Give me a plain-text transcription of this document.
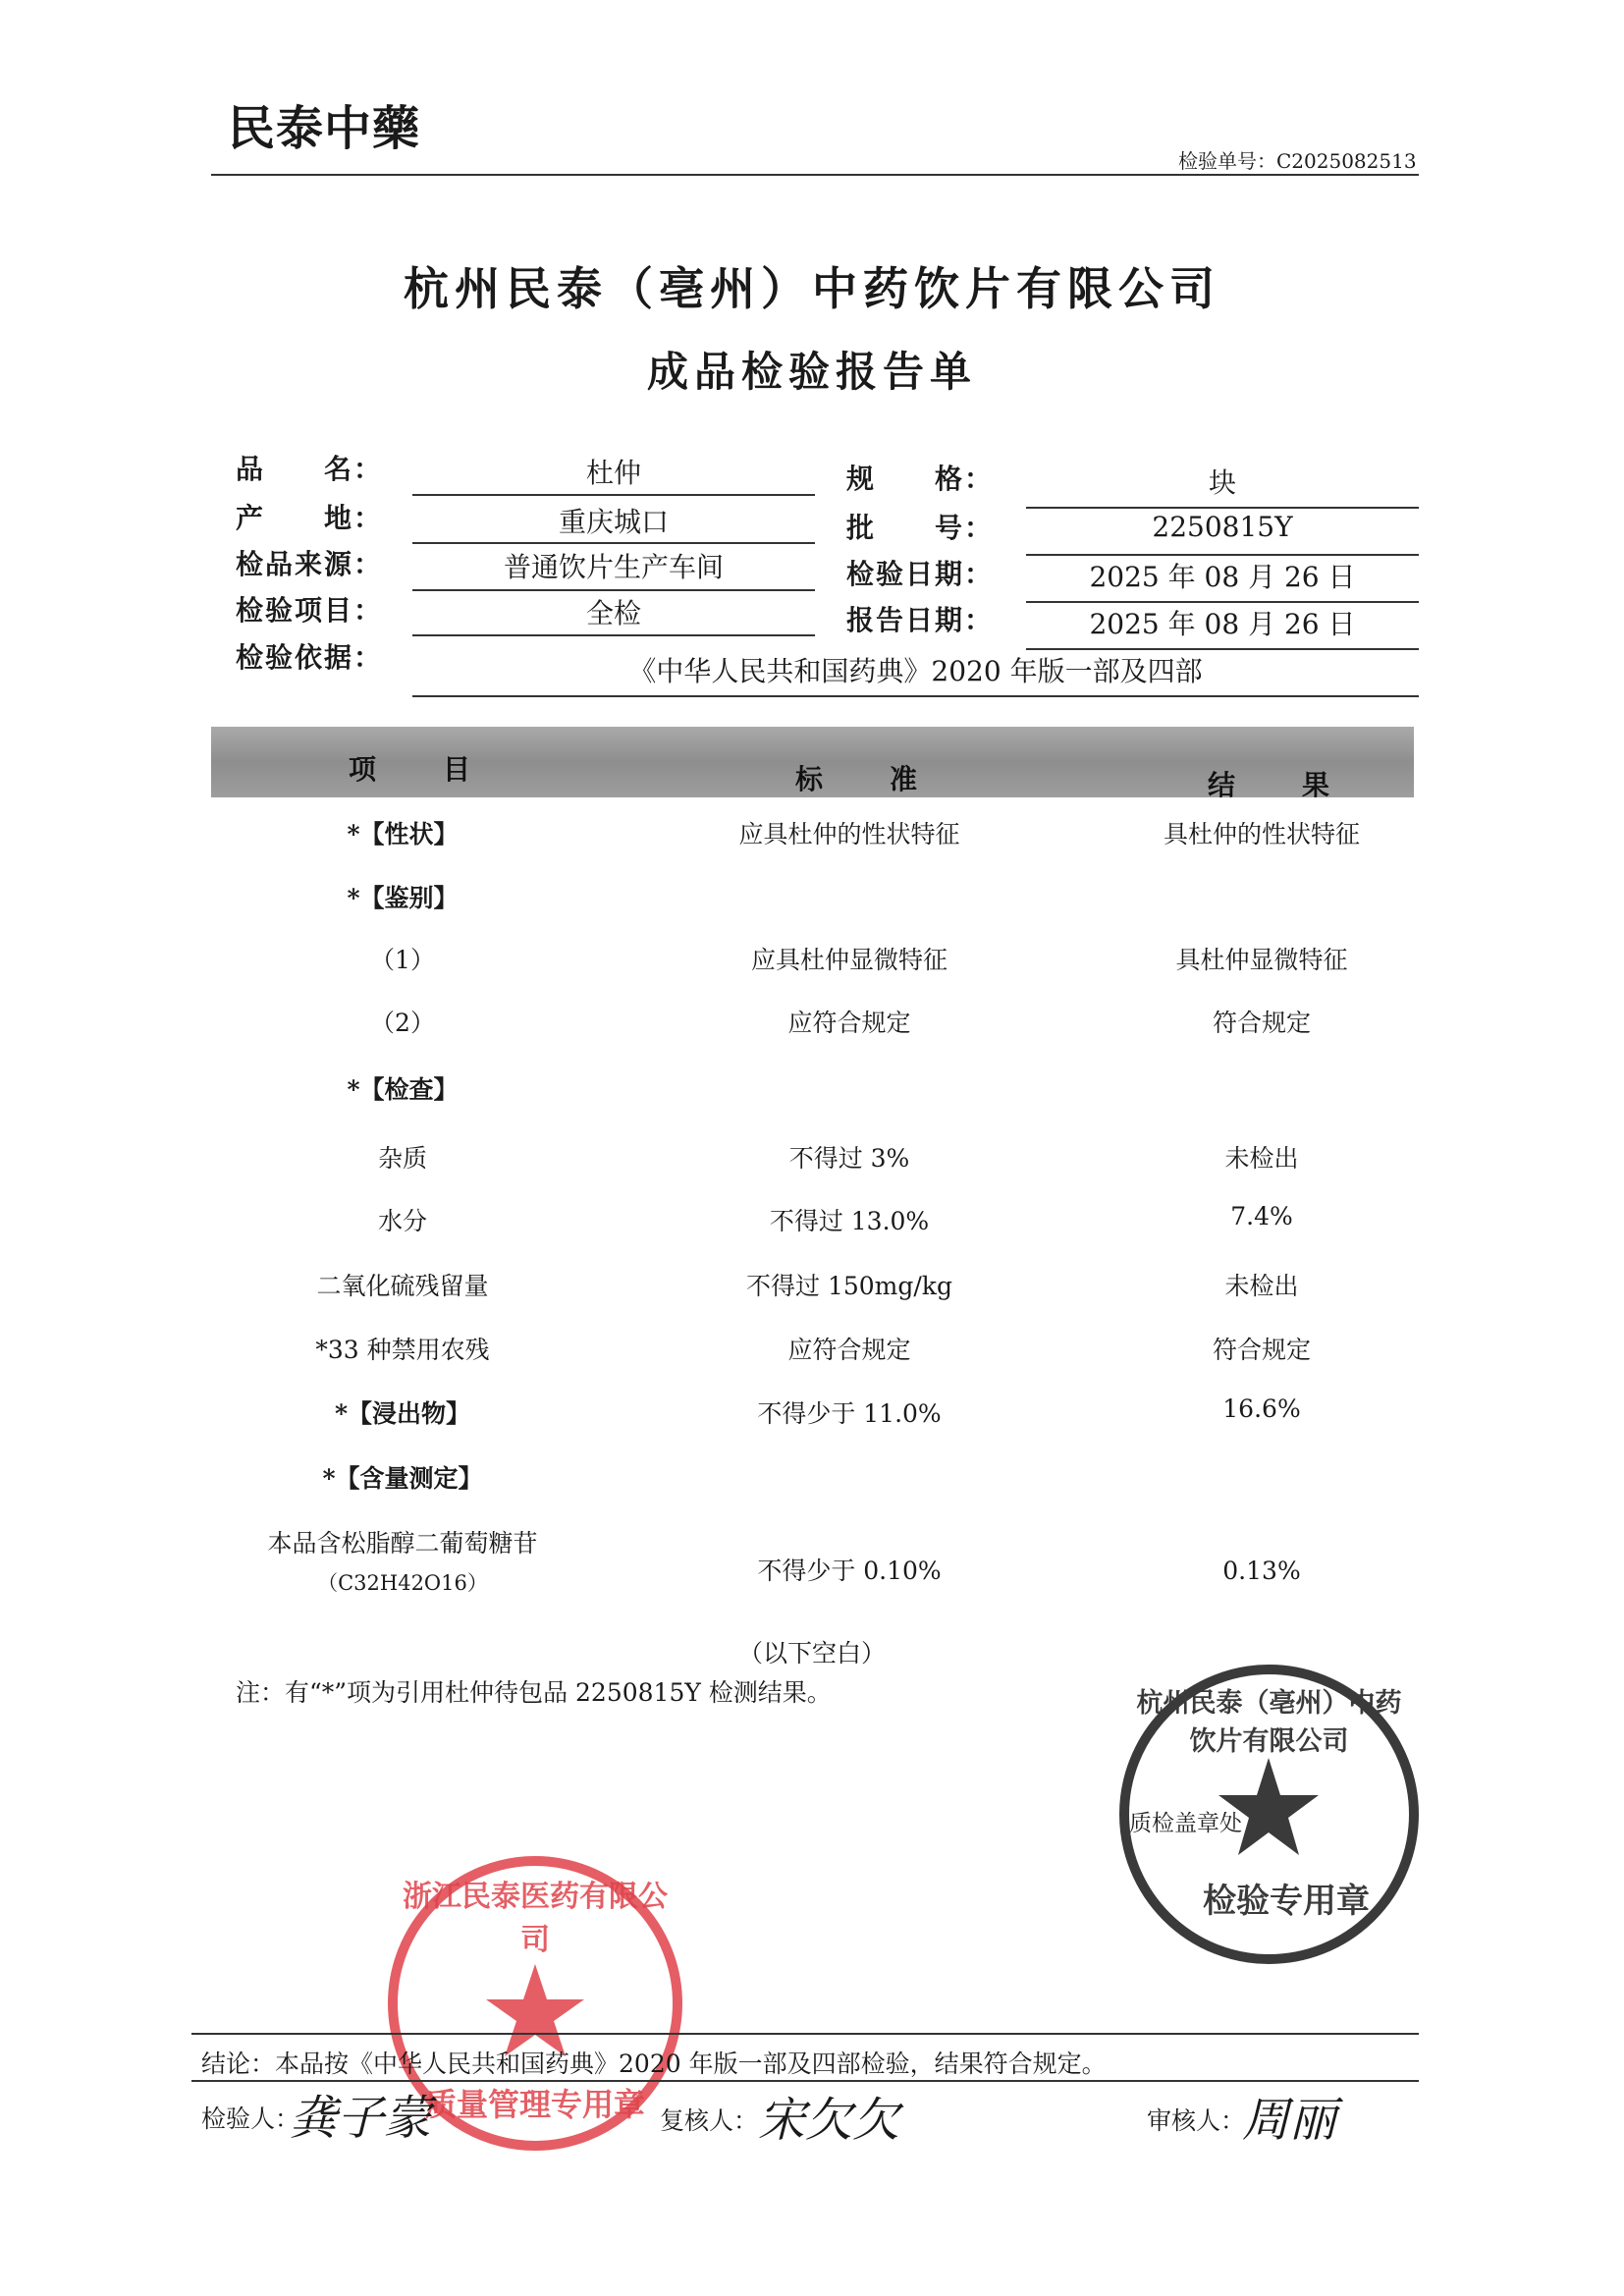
民泰中藥
检验单号：C2025082513
杭州民泰（亳州）中药饮片有限公司
成品检验报告单
品　　名：	杜仲	规　　格：	块
产　　地：	重庆城口	批　　号：	2250815Y
检品来源：	普通饮片生产车间	检验日期：	2025 年 08 月 26 日
检验项目：	全检	报告日期：	2025 年 08 月 26 日
检验依据：	《中华人民共和国药典》2020 年版一部及四部
项　目	标　准	结　果
*【性状】	应具杜仲的性状特征	具杜仲的性状特征
*【鉴别】
（1）	应具杜仲显微特征	具杜仲显微特征
（2）	应符合规定	符合规定
*【检查】
杂质	不得过 3%	未检出
水分	不得过 13.0%	7.4%
二氧化硫残留量	不得过 150mg/kg	未检出
*33 种禁用农残	应符合规定	符合规定
*【浸出物】	不得少于 11.0%	16.6%
*【含量测定】
本品含松脂醇二葡萄糖苷
（C32H42O16）	不得少于 0.10%	0.13%
（以下空白）
注：有“*”项为引用杜仲待包品 2250815Y 检测结果。	杭州民泰（亳州）中药饮片有限公司
检验专用章
质检盖章处
浙江民泰医药有限公司
质量管理专用章
结论：本品按《中华人民共和国药典》2020 年版一部及四部检验，结果符合规定。
检验人：
龚子蒙	复核人： 宋欠欠	审核人：
周丽
